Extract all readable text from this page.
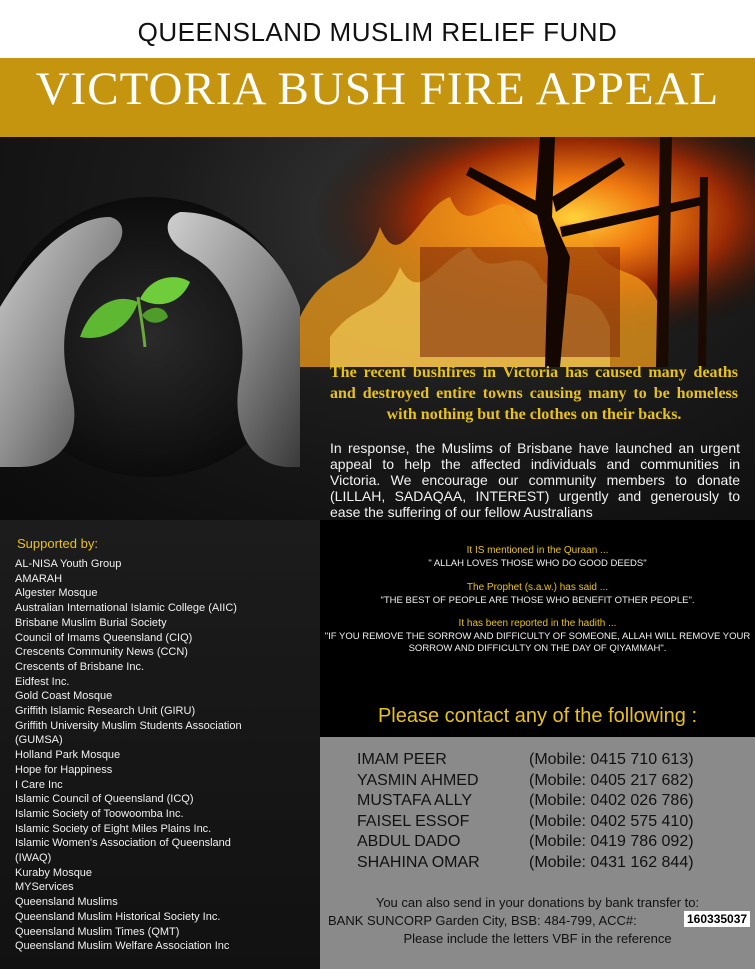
QUEENSLAND MUSLIM RELIEF FUND
VICTORIA BUSH FIRE APPEAL
The recent bushfires in Victoria has caused many deaths and destroyed entire towns causing many to be homeless with nothing but the clothes on their backs.
In response, the Muslims of Brisbane have launched an urgent appeal to help the affected individuals and communities in Victoria. We encourage our community members to donate (LILLAH, SADAQAA, INTEREST) urgently and generously to ease the suffering of our fellow Australians
It IS mentioned in the Quraan ...
" ALLAH LOVES THOSE WHO DO GOOD DEEDS"
The Prophet (s.a.w.) has said ...
"THE BEST OF PEOPLE ARE THOSE WHO BENEFIT OTHER PEOPLE".
It has been reported in the hadith ...
"IF YOU REMOVE THE SORROW AND DIFFICULTY OF SOMEONE, ALLAH WILL REMOVE YOUR SORROW AND DIFFICULTY ON THE DAY OF QIYAMMAH".
Supported by:
AL-NISA Youth Group
AMARAH
Algester Mosque
Australian International Islamic College (AIIC)
Brisbane Muslim Burial Society
Council of Imams Queensland (CIQ)
Crescents Community News (CCN)
Crescents of Brisbane Inc.
Eidfest Inc.
Gold Coast Mosque
Griffith Islamic Research Unit (GIRU)
Griffith University Muslim Students Association
(GUMSA)
Holland Park Mosque
Hope for Happiness
I Care Inc
Islamic Council of Queensland (ICQ)
Islamic Society of Toowoomba Inc.
Islamic Society of Eight Miles Plains Inc.
Islamic Women's Association of Queensland
(IWAQ)
Kuraby Mosque
MYServices
Queensland Muslims
Queensland Muslim Historical Society Inc.
Queensland Muslim Times (QMT)
Queensland Muslim Welfare Association Inc
Please contact any of the following :
IMAM PEER	(Mobile: 0415 710 613)
YASMIN AHMED	(Mobile: 0405 217 682)
MUSTAFA ALLY	(Mobile: 0402 026 786)
FAISEL ESSOF	(Mobile: 0402 575 410)
ABDUL DADO	(Mobile: 0419 786 092)
SHAHINA OMAR	(Mobile: 0431 162 844)
You can also send in your donations by bank transfer to:
BANK SUNCORP Garden City, BSB: 484-799, ACC#:	160335037
Please include the letters VBF in the reference
